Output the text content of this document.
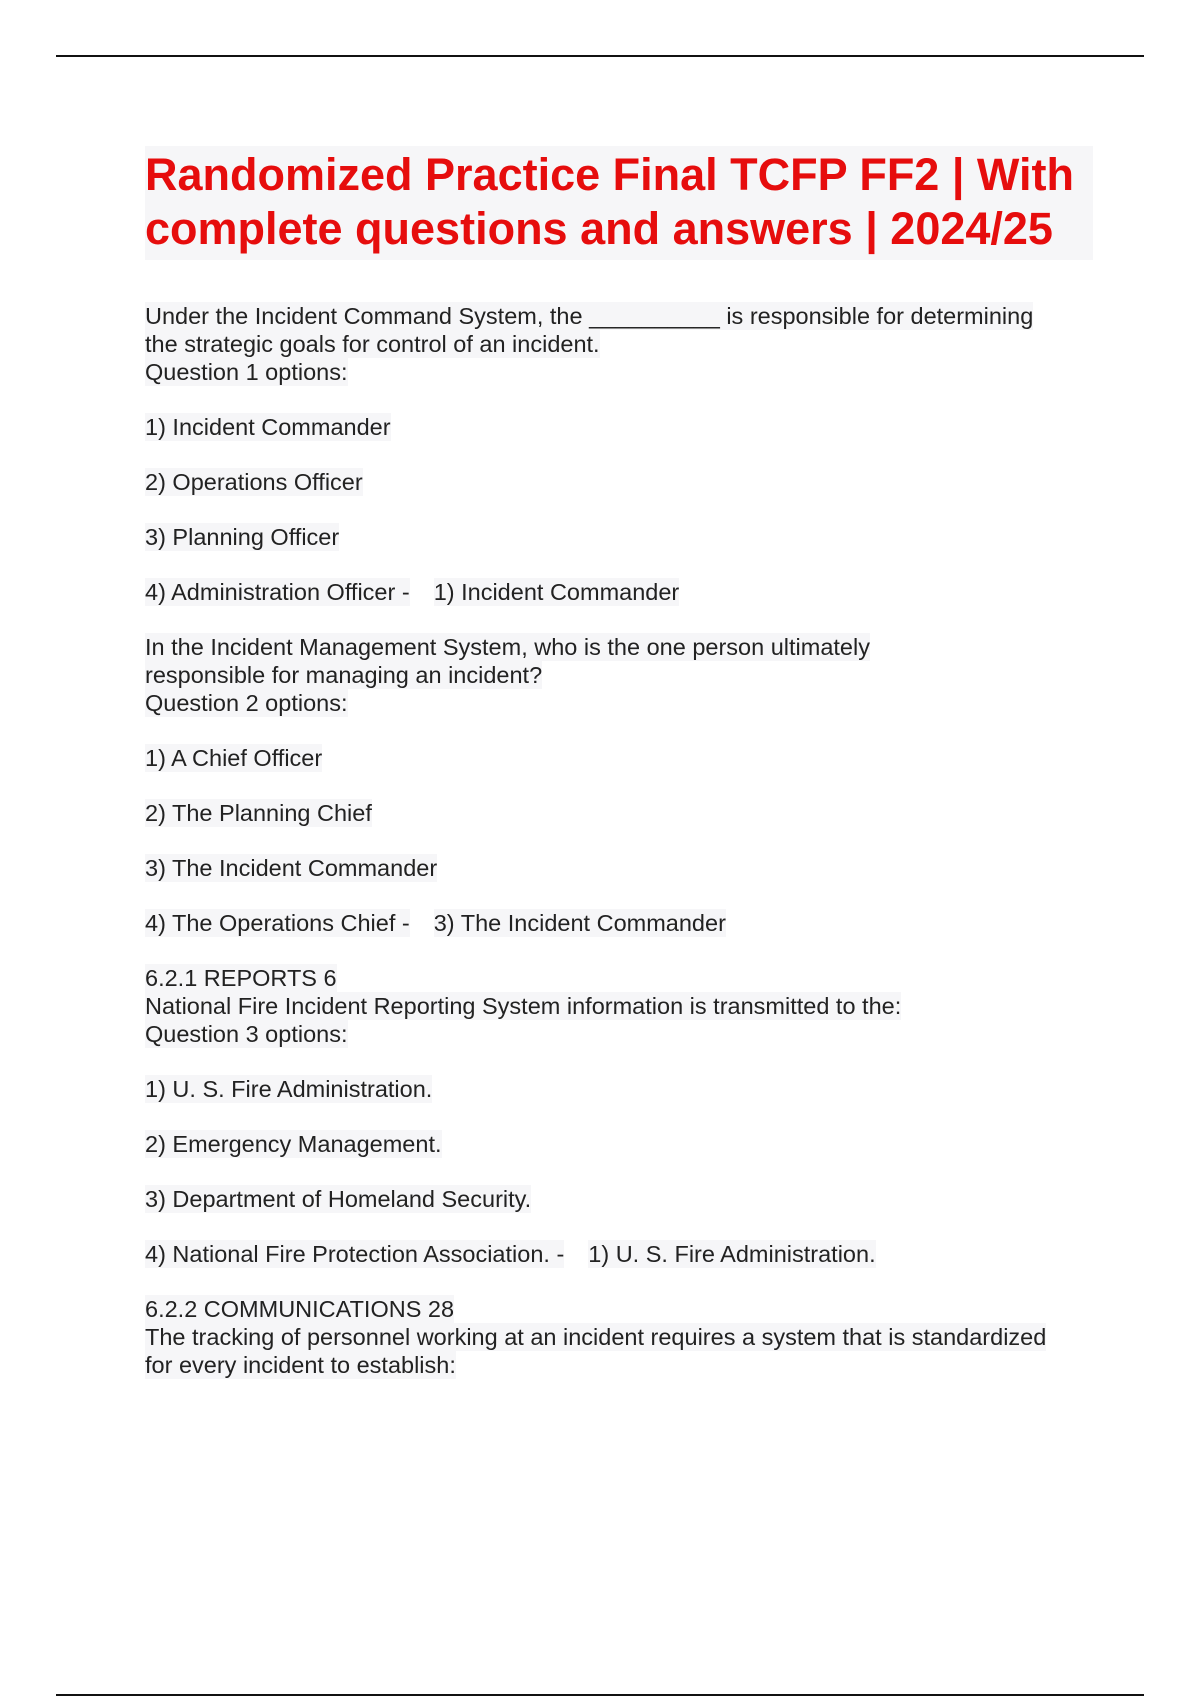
Randomized Practice Final TCFP FF2 | With complete questions and answers | 2024/25
Under the Incident Command System, the __________ is responsible for determining
the strategic goals for control of an incident.
Question 1 options:
1) Incident Commander
2) Operations Officer
3) Planning Officer
4) Administration Officer - 1) Incident Commander
In the Incident Management System, who is the one person ultimately
responsible for managing an incident?
Question 2 options:
1) A Chief Officer
2) The Planning Chief
3) The Incident Commander
4) The Operations Chief - 3) The Incident Commander
6.2.1 REPORTS 6
National Fire Incident Reporting System information is transmitted to the:
Question 3 options:
1) U. S. Fire Administration.
2) Emergency Management.
3) Department of Homeland Security.
4) National Fire Protection Association. - 1) U. S. Fire Administration.
6.2.2 COMMUNICATIONS 28
The tracking of personnel working at an incident requires a system that is standardized
for every incident to establish:
